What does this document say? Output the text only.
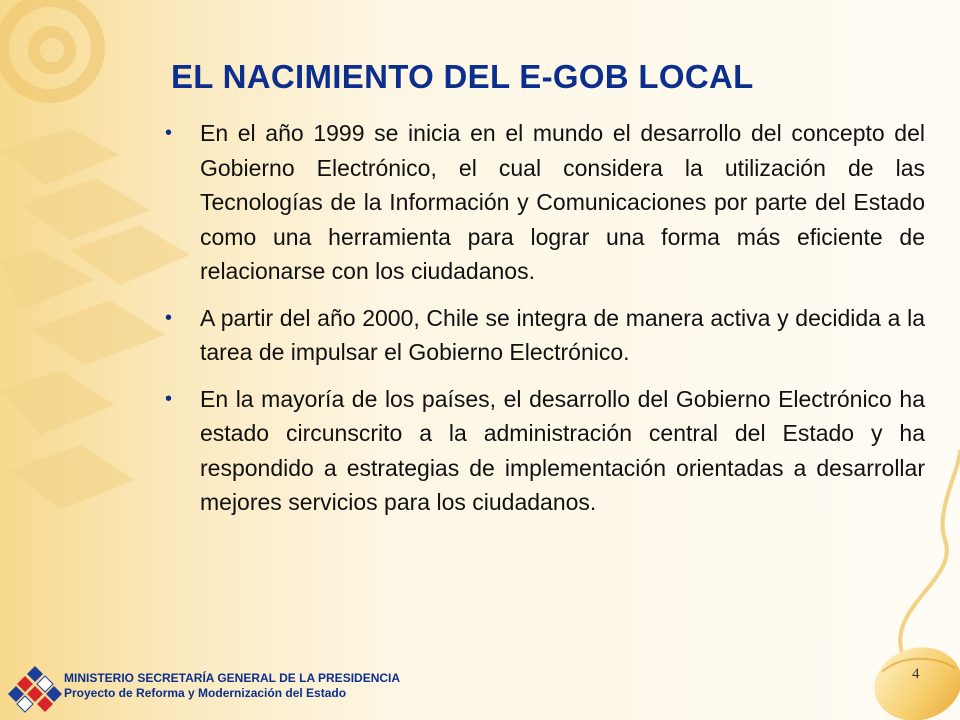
EL NACIMIENTO DEL E-GOB LOCAL
• En el año 1999 se inicia en el mundo el desarrollo del concepto del Gobierno Electrónico, el cual considera la utilización de las Tecnologías de la Información y Comunicaciones por parte del Estado como una herramienta para lograr una forma más eficiente de relacionarse con los ciudadanos.
• A partir del año 2000, Chile se integra de manera activa y decidida a la tarea de impulsar el Gobierno Electrónico.
• En la mayoría de los países, el desarrollo del Gobierno Electrónico ha estado circunscrito a la administración central del Estado y ha respondido a estrategias de implementación orientadas a desarrollar mejores servicios para los ciudadanos.
MINISTERIO SECRETARÍA GENERAL DE LA PRESIDENCIA
Proyecto de Reforma y Modernización del Estado
4
